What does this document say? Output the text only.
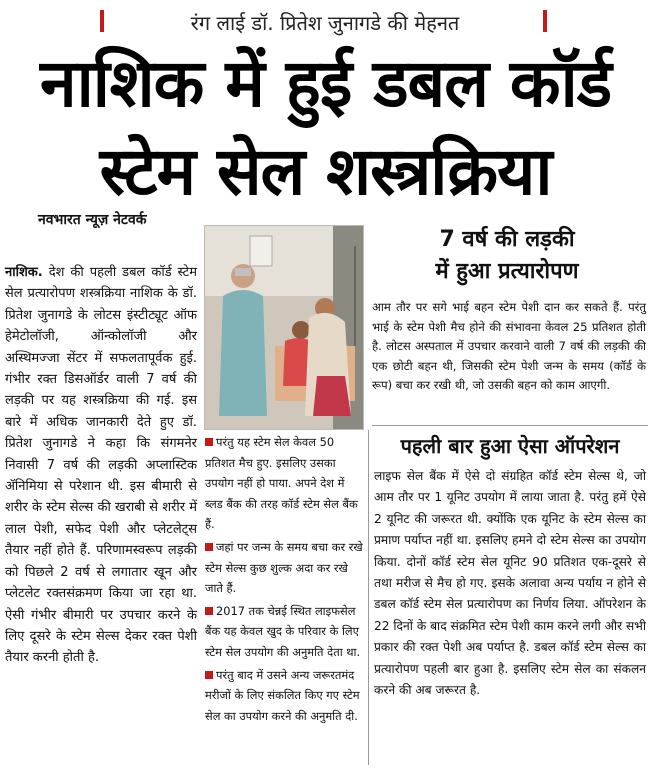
रंग लाई डॉ. प्रितेश जुनागडे की मेहनत
नाशिक में हुई डबल कॉर्ड
स्टेम सेल शस्त्रक्रिया
नवभारत न्यूज़ नेटवर्क
नाशिक. देश की पहली डबल कॉर्ड स्टेम सेल प्रत्यारोपण शस्त्रक्रिया नाशिक के डॉ. प्रितेश जुनागडे के लोटस इंस्टीट्यूट ऑफ हेमेटोलॉजी, ऑन्कोलॉजी और अस्थिमज्जा सेंटर में सफलतापूर्वक हुई. गंभीर रक्त डिसऑर्डर वाली 7 वर्ष की लड़की पर यह शस्त्रक्रिया की गई. इस बारे में अधिक जानकारी देते हुए डॉ. प्रितेश जुनागडे ने कहा कि संगमनेर निवासी 7 वर्ष की लड़की अप्लास्टिक ॲनिमिया से परेशान थी. इस बीमारी से शरीर के स्टेम सेल्स की खराबी से शरीर में लाल पेशी, सफेद पेशी और प्लेटलेट्स तैयार नहीं होते हैं. परिणामस्वरूप लड़की को पिछले 2 वर्ष से लगातार खून और प्लेटलेट रक्तसंक्रमण किया जा रहा था. ऐसी गंभीर बीमारी पर उपचार करने के लिए दूसरे के स्टेम सेल्स देकर रक्त पेशी तैयार करनी होती है.
7 वर्ष की लड़की
में हुआ प्रत्यारोपण
आम तौर पर सगे भाई बहन स्टेम पेशी दान कर सकते हैं. परंतु भाई के स्टेम पेशी मैच होने की संभावना केवल 25 प्रतिशत होती है. लोटस अस्पताल में उपचार करवाने वाली 7 वर्ष की लड़की की एक छोटी बहन थी, जिसकी स्टेम पेशी जन्म के समय (कॉर्ड के रूप) बचा कर रखी थी, जो उसकी बहन को काम आएगी.

परंतु यह स्टेम सेल केवल 50 प्रतिशत मैच हुए. इसलिए उसका उपयोग नहीं हो पाया. अपने देश में ब्लड बैंक की तरह कॉर्ड स्टेम सेल बैंक हैं.

जहां पर जन्म के समय बचा कर रखे स्टेम सेल्स कुछ शुल्क अदा कर रखे जाते हैं.

2017 तक चेन्नई स्थित लाइफसेल बैंक यह केवल खुद के परिवार के लिए स्टेम सेल उपयोग की अनुमति देता था.

परंतु बाद में उसने अन्य जरूरतमंद मरीजों के लिए संकलित किए गए स्टेम सेल का उपयोग करने की अनुमति दी.

पहली बार हुआ ऐसा ऑपरेशन
लाइफ सेल बैंक में ऐसे दो संग्रहित कॉर्ड स्टेम सेल्स थे, जो आम तौर पर 1 यूनिट उपयोग में लाया जाता है. परंतु हमें ऐसे 2 यूनिट की जरूरत थी. क्योंकि एक यूनिट के स्टेम सेल्स का प्रमाण पर्याप्त नहीं था. इसलिए हमने दो स्टेम सेल्स का उपयोग किया. दोनों कॉर्ड स्टेम सेल यूनिट 90 प्रतिशत एक-दूसरे से तथा मरीज से मैच हो गए. इसके अलावा अन्य पर्याय न होने से डबल कॉर्ड स्टेम सेल प्रत्यारोपण का निर्णय लिया. ऑपरेशन के 22 दिनों के बाद संक्रमित स्टेम पेशी काम करने लगी और सभी प्रकार की रक्त पेशी अब पर्याप्त है. डबल कॉर्ड स्टेम सेल्स का प्रत्यारोपण पहली बार हुआ है. इसलिए स्टेम सेल का संकलन करने की अब जरूरत है.
